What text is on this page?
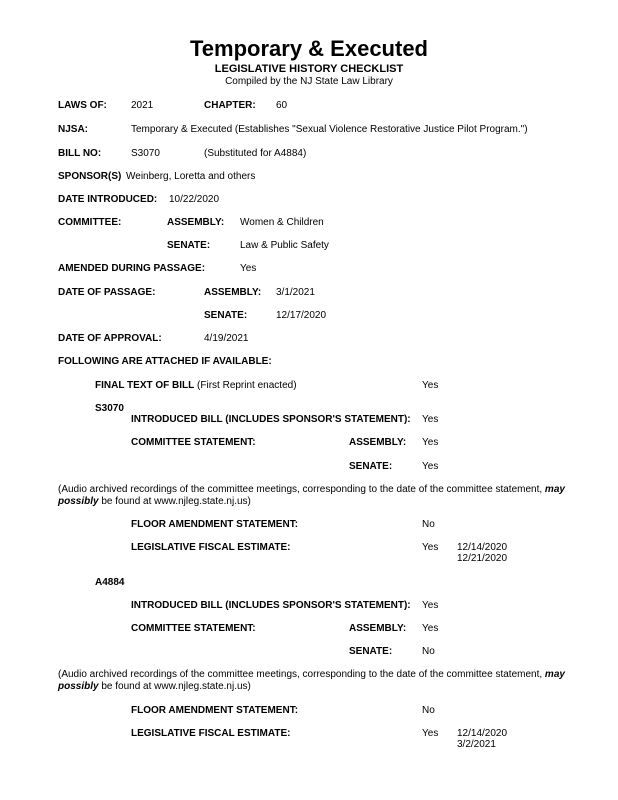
Temporary & Executed
LEGISLATIVE HISTORY CHECKLIST
Compiled by the NJ State Law Library
LAWS OF: 2021	CHAPTER: 60
NJSA:	Temporary & Executed (Establishes "Sexual Violence Restorative Justice Pilot Program.")
BILL NO:	S3070	(Substituted for A4884)
SPONSOR(S) Weinberg, Loretta and others
DATE INTRODUCED: 10/22/2020
COMMITTEE:	ASSEMBLY: Women & Children
SENATE:	Law & Public Safety
AMENDED DURING PASSAGE:	Yes
DATE OF PASSAGE:	ASSEMBLY: 3/1/2021
SENATE:	12/17/2020
DATE OF APPROVAL:	4/19/2021
FOLLOWING ARE ATTACHED IF AVAILABLE:
FINAL TEXT OF BILL (First Reprint enacted)	Yes
S3070
INTRODUCED BILL (INCLUDES SPONSOR'S STATEMENT): Yes
COMMITTEE STATEMENT:	ASSEMBLY: Yes
SENATE:	Yes
(Audio archived recordings of the committee meetings, corresponding to the date of the committee statement, may possibly be found at www.njleg.state.nj.us)
FLOOR AMENDMENT STATEMENT:	No
LEGISLATIVE FISCAL ESTIMATE:	Yes 12/14/2020
12/21/2020
A4884
INTRODUCED BILL (INCLUDES SPONSOR'S STATEMENT): Yes
COMMITTEE STATEMENT:	ASSEMBLY: Yes
SENATE:	No
(Audio archived recordings of the committee meetings, corresponding to the date of the committee statement, may possibly be found at www.njleg.state.nj.us)
FLOOR AMENDMENT STATEMENT:	No
LEGISLATIVE FISCAL ESTIMATE:	Yes 12/14/2020
3/2/2021
